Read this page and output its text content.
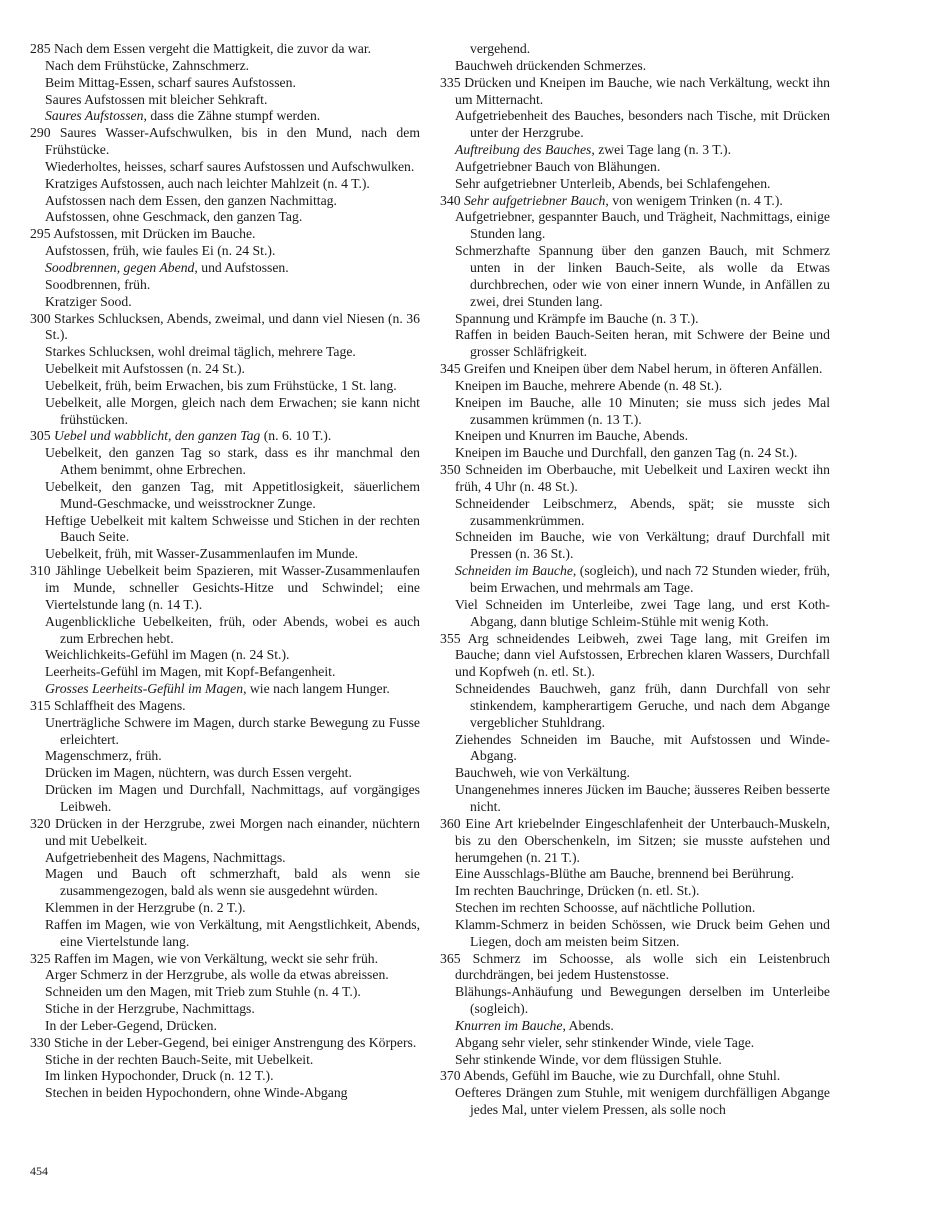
285 Nach dem Essen vergeht die Mattigkeit, die zuvor da war.

Nach dem Frühstücke, Zahnschmerz.

Beim Mittag-Essen, scharf saures Aufstossen.

Saures Aufstossen mit bleicher Sehkraft.

Saures Aufstossen, dass die Zähne stumpf werden.

290 Saures Wasser-Aufschwulken, bis in den Mund, nach dem Frühstücke.

Wiederholtes, heisses, scharf saures Aufstossen und Aufschwulken.

Kratziges Aufstossen, auch nach leichter Mahlzeit (n. 4 T.).

Aufstossen nach dem Essen, den ganzen Nachmittag.

Aufstossen, ohne Geschmack, den ganzen Tag.

295 Aufstossen, mit Drücken im Bauche.

Aufstossen, früh, wie faules Ei (n. 24 St.).

Soodbrennen, gegen Abend, und Aufstossen.

Soodbrennen, früh.

Kratziger Sood.

300 Starkes Schlucksen, Abends, zweimal, und dann viel Niesen (n. 36 St.).

Starkes Schlucksen, wohl dreimal täglich, mehrere Tage.

Uebelkeit mit Aufstossen (n. 24 St.).

Uebelkeit, früh, beim Erwachen, bis zum Frühstücke, 1 St. lang.

Uebelkeit, alle Morgen, gleich nach dem Erwachen; sie kann nicht frühstücken.

305 Uebel und wabblicht, den ganzen Tag (n. 6. 10 T.).

Uebelkeit, den ganzen Tag so stark, dass es ihr manchmal den Athem benimmt, ohne Erbrechen.

Uebelkeit, den ganzen Tag, mit Appetitlosigkeit, säuerlichem Mund-Geschmacke, und weisstrockner Zunge.

Heftige Uebelkeit mit kaltem Schweisse und Stichen in der rechten Bauch Seite.

Uebelkeit, früh, mit Wasser-Zusammenlaufen im Munde.

310 Jählinge Uebelkeit beim Spazieren, mit Wasser-Zusammenlaufen im Munde, schneller Gesichts-Hitze und Schwindel; eine Viertelstunde lang (n. 14 T.).

Augenblickliche Uebelkeiten, früh, oder Abends, wobei es auch zum Erbrechen hebt.

Weichlichkeits-Gefühl im Magen (n. 24 St.).

Leerheits-Gefühl im Magen, mit Kopf-Befangenheit.

Grosses Leerheits-Gefühl im Magen, wie nach langem Hunger.

315 Schlaffheit des Magens.

Unerträgliche Schwere im Magen, durch starke Bewegung zu Fusse erleichtert.

Magenschmerz, früh.

Drücken im Magen, nüchtern, was durch Essen vergeht.

Drücken im Magen und Durchfall, Nachmittags, auf vorgängiges Leibweh.

320 Drücken in der Herzgrube, zwei Morgen nach einander, nüchtern und mit Uebelkeit.

Aufgetriebenheit des Magens, Nachmittags.

Magen und Bauch oft schmerzhaft, bald als wenn sie zusammengezogen, bald als wenn sie ausgedehnt würden.

Klemmen in der Herzgrube (n. 2 T.).

Raffen im Magen, wie von Verkältung, mit Aengstlichkeit, Abends, eine Viertelstunde lang.

325 Raffen im Magen, wie von Verkältung, weckt sie sehr früh.

Arger Schmerz in der Herzgrube, als wolle da etwas abreissen.

Schneiden um den Magen, mit Trieb zum Stuhle (n. 4 T.).

Stiche in der Herzgrube, Nachmittags.

In der Leber-Gegend, Drücken.

330 Stiche in der Leber-Gegend, bei einiger Anstrengung des Körpers.

Stiche in der rechten Bauch-Seite, mit Uebelkeit.

Im linken Hypochonder, Druck (n. 12 T.).

Stechen in beiden Hypochondern, ohne Winde-Abgang

vergehend.

Bauchweh drückenden Schmerzes.

335 Drücken und Kneipen im Bauche, wie nach Verkältung, weckt ihn um Mitternacht.

Aufgetriebenheit des Bauches, besonders nach Tische, mit Drücken unter der Herzgrube.

Auftreibung des Bauches, zwei Tage lang (n. 3 T.).

Aufgetriebner Bauch von Blähungen.

Sehr aufgetriebner Unterleib, Abends, bei Schlafengehen.

340 Sehr aufgetriebner Bauch, von wenigem Trinken (n. 4 T.).

Aufgetriebner, gespannter Bauch, und Trägheit, Nachmittags, einige Stunden lang.

Schmerzhafte Spannung über den ganzen Bauch, mit Schmerz unten in der linken Bauch-Seite, als wolle da Etwas durchbrechen, oder wie von einer innern Wunde, in Anfällen zu zwei, drei Stunden lang.

Spannung und Krämpfe im Bauche (n. 3 T.).

Raffen in beiden Bauch-Seiten heran, mit Schwere der Beine und grosser Schläfrigkeit.

345 Greifen und Kneipen über dem Nabel herum, in öfteren Anfällen.

Kneipen im Bauche, mehrere Abende (n. 48 St.).

Kneipen im Bauche, alle 10 Minuten; sie muss sich jedes Mal zusammen krümmen (n. 13 T.).

Kneipen und Knurren im Bauche, Abends.

Kneipen im Bauche und Durchfall, den ganzen Tag (n. 24 St.).

350 Schneiden im Oberbauche, mit Uebelkeit und Laxiren weckt ihn früh, 4 Uhr (n. 48 St.).

Schneidender Leibschmerz, Abends, spät; sie musste sich zusammenkrümmen.

Schneiden im Bauche, wie von Verkältung; drauf Durchfall mit Pressen (n. 36 St.).

Schneiden im Bauche, (sogleich), und nach 72 Stunden wieder, früh, beim Erwachen, und mehrmals am Tage.

Viel Schneiden im Unterleibe, zwei Tage lang, und erst Koth-Abgang, dann blutige Schleim-Stühle mit wenig Koth.

355 Arg schneidendes Leibweh, zwei Tage lang, mit Greifen im Bauche; dann viel Aufstossen, Erbrechen klaren Wassers, Durchfall und Kopfweh (n. etl. St.).

Schneidendes Bauchweh, ganz früh, dann Durchfall von sehr stinkendem, kampherartigem Geruche, und nach dem Abgange vergeblicher Stuhldrang.

Ziehendes Schneiden im Bauche, mit Aufstossen und Winde-Abgang.

Bauchweh, wie von Verkältung.

Unangenehmes inneres Jücken im Bauche; äusseres Reiben besserte nicht.

360 Eine Art kriebelnder Eingeschlafenheit der Unterbauch-Muskeln, bis zu den Oberschenkeln, im Sitzen; sie musste aufstehen und herumgehen (n. 21 T.).

Eine Ausschlags-Blüthe am Bauche, brennend bei Berührung.

Im rechten Bauchringe, Drücken (n. etl. St.).

Stechen im rechten Schoosse, auf nächtliche Pollution.

Klamm-Schmerz in beiden Schössen, wie Druck beim Gehen und Liegen, doch am meisten beim Sitzen.

365 Schmerz im Schoosse, als wolle sich ein Leistenbruch durchdrängen, bei jedem Hustenstosse.

Blähungs-Anhäufung und Bewegungen derselben im Unterleibe (sogleich).

Knurren im Bauche, Abends.

Abgang sehr vieler, sehr stinkender Winde, viele Tage.

Sehr stinkende Winde, vor dem flüssigen Stuhle.

370 Abends, Gefühl im Bauche, wie zu Durchfall, ohne Stuhl.

Oefteres Drängen zum Stuhle, mit wenigem durchfälligen Abgange jedes Mal, unter vielem Pressen, als solle noch

454
